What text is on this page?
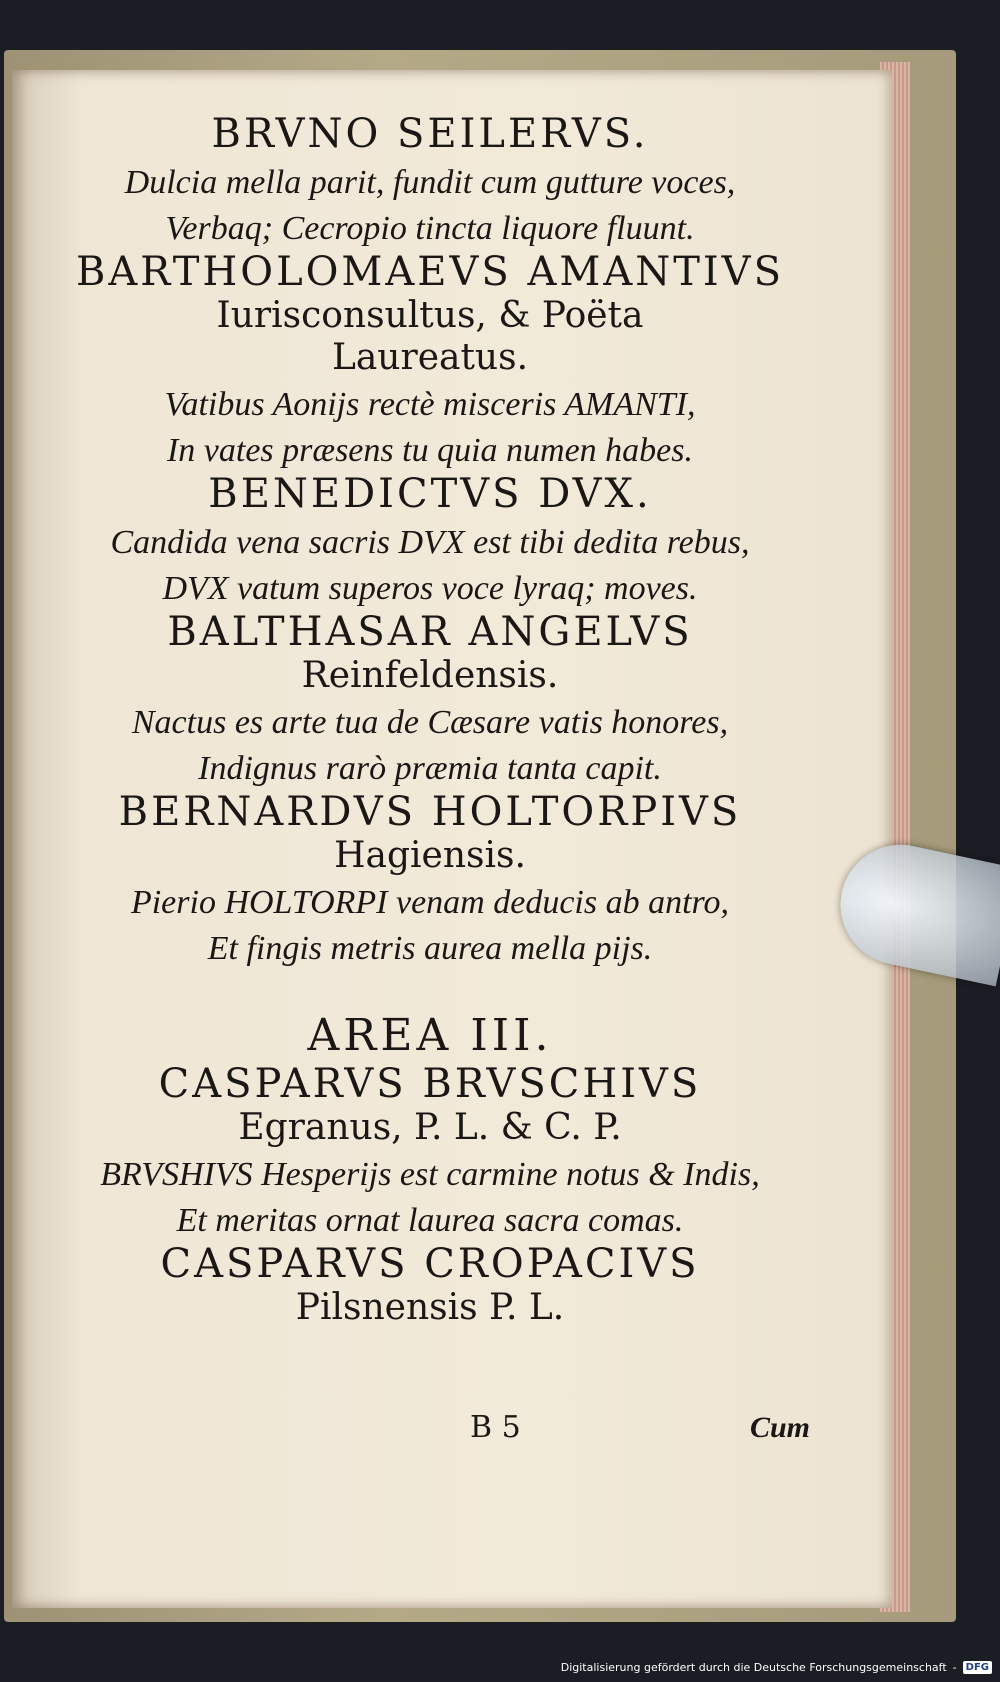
BRVNO SEILERVS.
Dulcia mella parit, fundit cum gutture voces,
Verbaq; Cecropio tincta liquore fluunt.
BARTHOLOMAEVS AMANTIVS
Iurisconsultus, & Poëta
Laureatus.
Vatibus Aonijs rectè misceris AMANTI,
In vates præsens tu quia numen habes.
BENEDICTVS DVX.
Candida vena sacris DVX est tibi dedita rebus,
DVX vatum superos voce lyraq; moves.
BALTHASAR ANGELVS
Reinfeldensis.
Nactus es arte tua de Cæsare vatis honores,
Indignus rarò præmia tanta capit.
BERNARDVS HOLTORPIVS
Hagiensis.
Pierio HOLTORPI venam deducis ab antro,
Et fingis metris aurea mella pijs.
AREA III.
CASPARVS BRVSCHIVS
Egranus, P. L. & C. P.
BRVSHIVS Hesperijs est carmine notus & Indis,
Et meritas ornat laurea sacra comas.
CASPARVS CROPACIVS
Pilsnensis P. L.
B 5	Cum
Digitalisierung gefördert durch die Deutsche Forschungsgemeinschaft - DFG
